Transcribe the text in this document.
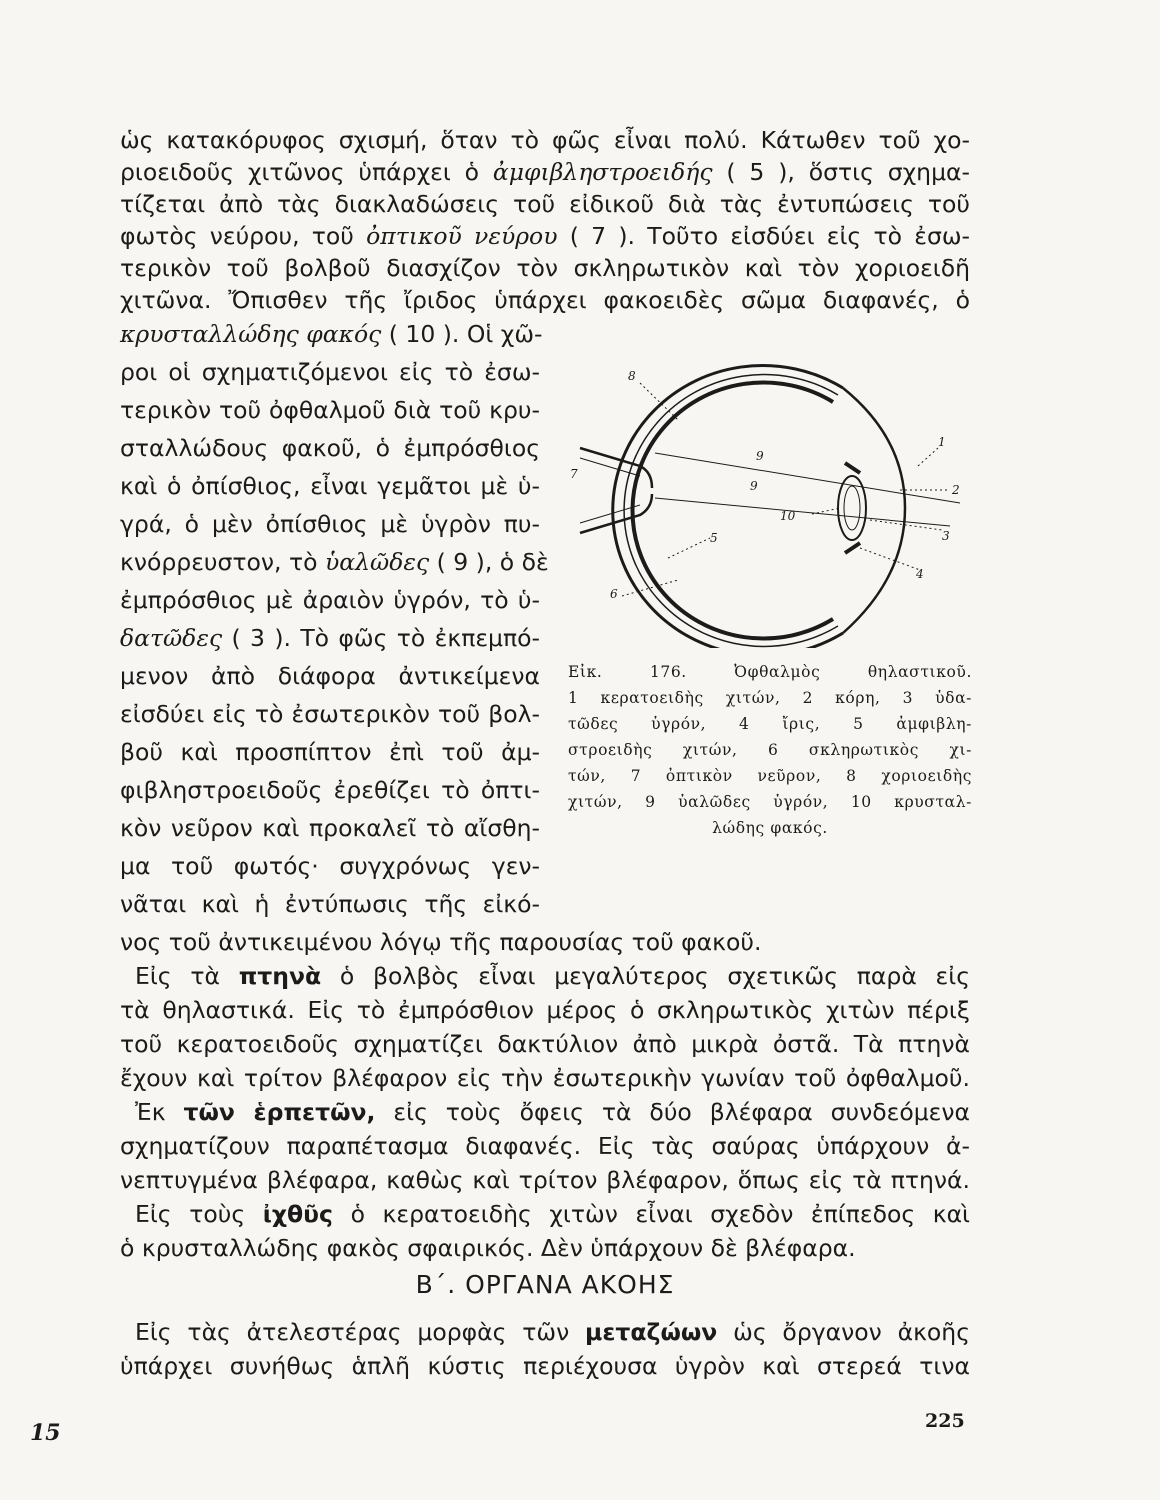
ὡς κατακόρυφος σχισμή, ὅταν τὸ φῶς εἶναι πολύ. Κάτωθεν τοῦ χο-
ριοειδοῦς χιτῶνος ὑπάρχει ὁ ἀμφιβληστροειδής ( 5 ), ὅστις σχημα-
τίζεται ἀπὸ τὰς διακλαδώσεις τοῦ εἰδικοῦ διὰ τὰς ἐντυπώσεις τοῦ
φωτὸς νεύρου, τοῦ ὀπτικοῦ νεύρου ( 7 ). Τοῦτο εἰσδύει εἰς τὸ ἐσω-
τερικὸν τοῦ βολβοῦ διασχίζον τὸν σκληρωτικὸν καὶ τὸν χοριοειδῆ
χιτῶνα. Ὄπισθεν τῆς ἴριδος ὑπάρχει φακοειδὲς σῶμα διαφανές, ὁ
κρυσταλλώδης φακός ( 10 ). Οἱ χῶ-
ροι οἱ σχηματιζόμενοι εἰς τὸ ἐσω-
τερικὸν τοῦ ὀφθαλμοῦ διὰ τοῦ κρυ-
σταλλώδους φακοῦ, ὁ ἐμπρόσθιος
καὶ ὁ ὀπίσθιος, εἶναι γεμᾶτοι μὲ ὑ-
γρά, ὁ μὲν ὀπίσθιος μὲ ὑγρὸν πυ-
κνόρρευστον, τὸ ὑαλῶδες ( 9 ), ὁ δὲ
ἐμπρόσθιος μὲ ἀραιὸν ὑγρόν, τὸ ὑ-
δατῶδες ( 3 ). Τὸ φῶς τὸ ἐκπεμπό-
μενον ἀπὸ διάφορα ἀντικείμενα
εἰσδύει εἰς τὸ ἐσωτερικὸν τοῦ βολ-
βοῦ καὶ προσπίπτον ἐπὶ τοῦ ἀμ-
φιβληστροειδοῦς ἐρεθίζει τὸ ὀπτι-
κὸν νεῦρον καὶ προκαλεῖ τὸ αἴσθη-
μα τοῦ φωτός· συγχρόνως γεν-
νᾶται καὶ ἡ ἐντύπωσις τῆς εἰκό-
νος τοῦ ἀντικειμένου λόγῳ τῆς παρουσίας τοῦ φακοῦ.
8
1
2
3
4
5
6
7
9
9
10
Εἰκ. 176. Ὀφθαλμὸς θηλαστικοῦ.
1 κερατοειδὴς χιτών, 2 κόρη, 3 ὑδα-
τῶδες ὑγρόν, 4 ἴρις, 5 ἀμφιβλη-
στροειδὴς χιτών, 6 σκληρωτικὸς χι-
τών, 7 ὀπτικὸν νεῦρον, 8 χοριοειδὴς
χιτών, 9 ὑαλῶδες ὑγρόν, 10 κρυσταλ-
λώδης φακός.
Εἰς τὰ πτηνὰ ὁ βολβὸς εἶναι μεγαλύτερος σχετικῶς παρὰ εἰς
τὰ θηλαστικά. Εἰς τὸ ἐμπρόσθιον μέρος ὁ σκληρωτικὸς χιτὼν πέριξ
τοῦ κερατοειδοῦς σχηματίζει δακτύλιον ἀπὸ μικρὰ ὀστᾶ. Τὰ πτηνὰ
ἔχουν καὶ τρίτον βλέφαρον εἰς τὴν ἐσωτερικὴν γωνίαν τοῦ ὀφθαλμοῦ.
Ἐκ τῶν ἑρπετῶν, εἰς τοὺς ὄφεις τὰ δύο βλέφαρα συνδεόμενα
σχηματίζουν παραπέτασμα διαφανές. Εἰς τὰς σαύρας ὑπάρχουν ἀ-
νεπτυγμένα βλέφαρα, καθὼς καὶ τρίτον βλέφαρον, ὅπως εἰς τὰ πτηνά.
Εἰς τοὺς ἰχθῦς ὁ κερατοειδὴς χιτὼν εἶναι σχεδὸν ἐπίπεδος καὶ
ὁ κρυσταλλώδης φακὸς σφαιρικός. Δὲν ὑπάρχουν δὲ βλέφαρα.
Β΄. ΟΡΓΑΝΑ ΑΚΟΗΣ
Εἰς τὰς ἀτελεστέρας μορφὰς τῶν μεταζώων ὡς ὄργανον ἀκοῆς
ὑπάρχει συνήθως ἁπλῆ κύστις περιέχουσα ὑγρὸν καὶ στερεά τινα
225
15
